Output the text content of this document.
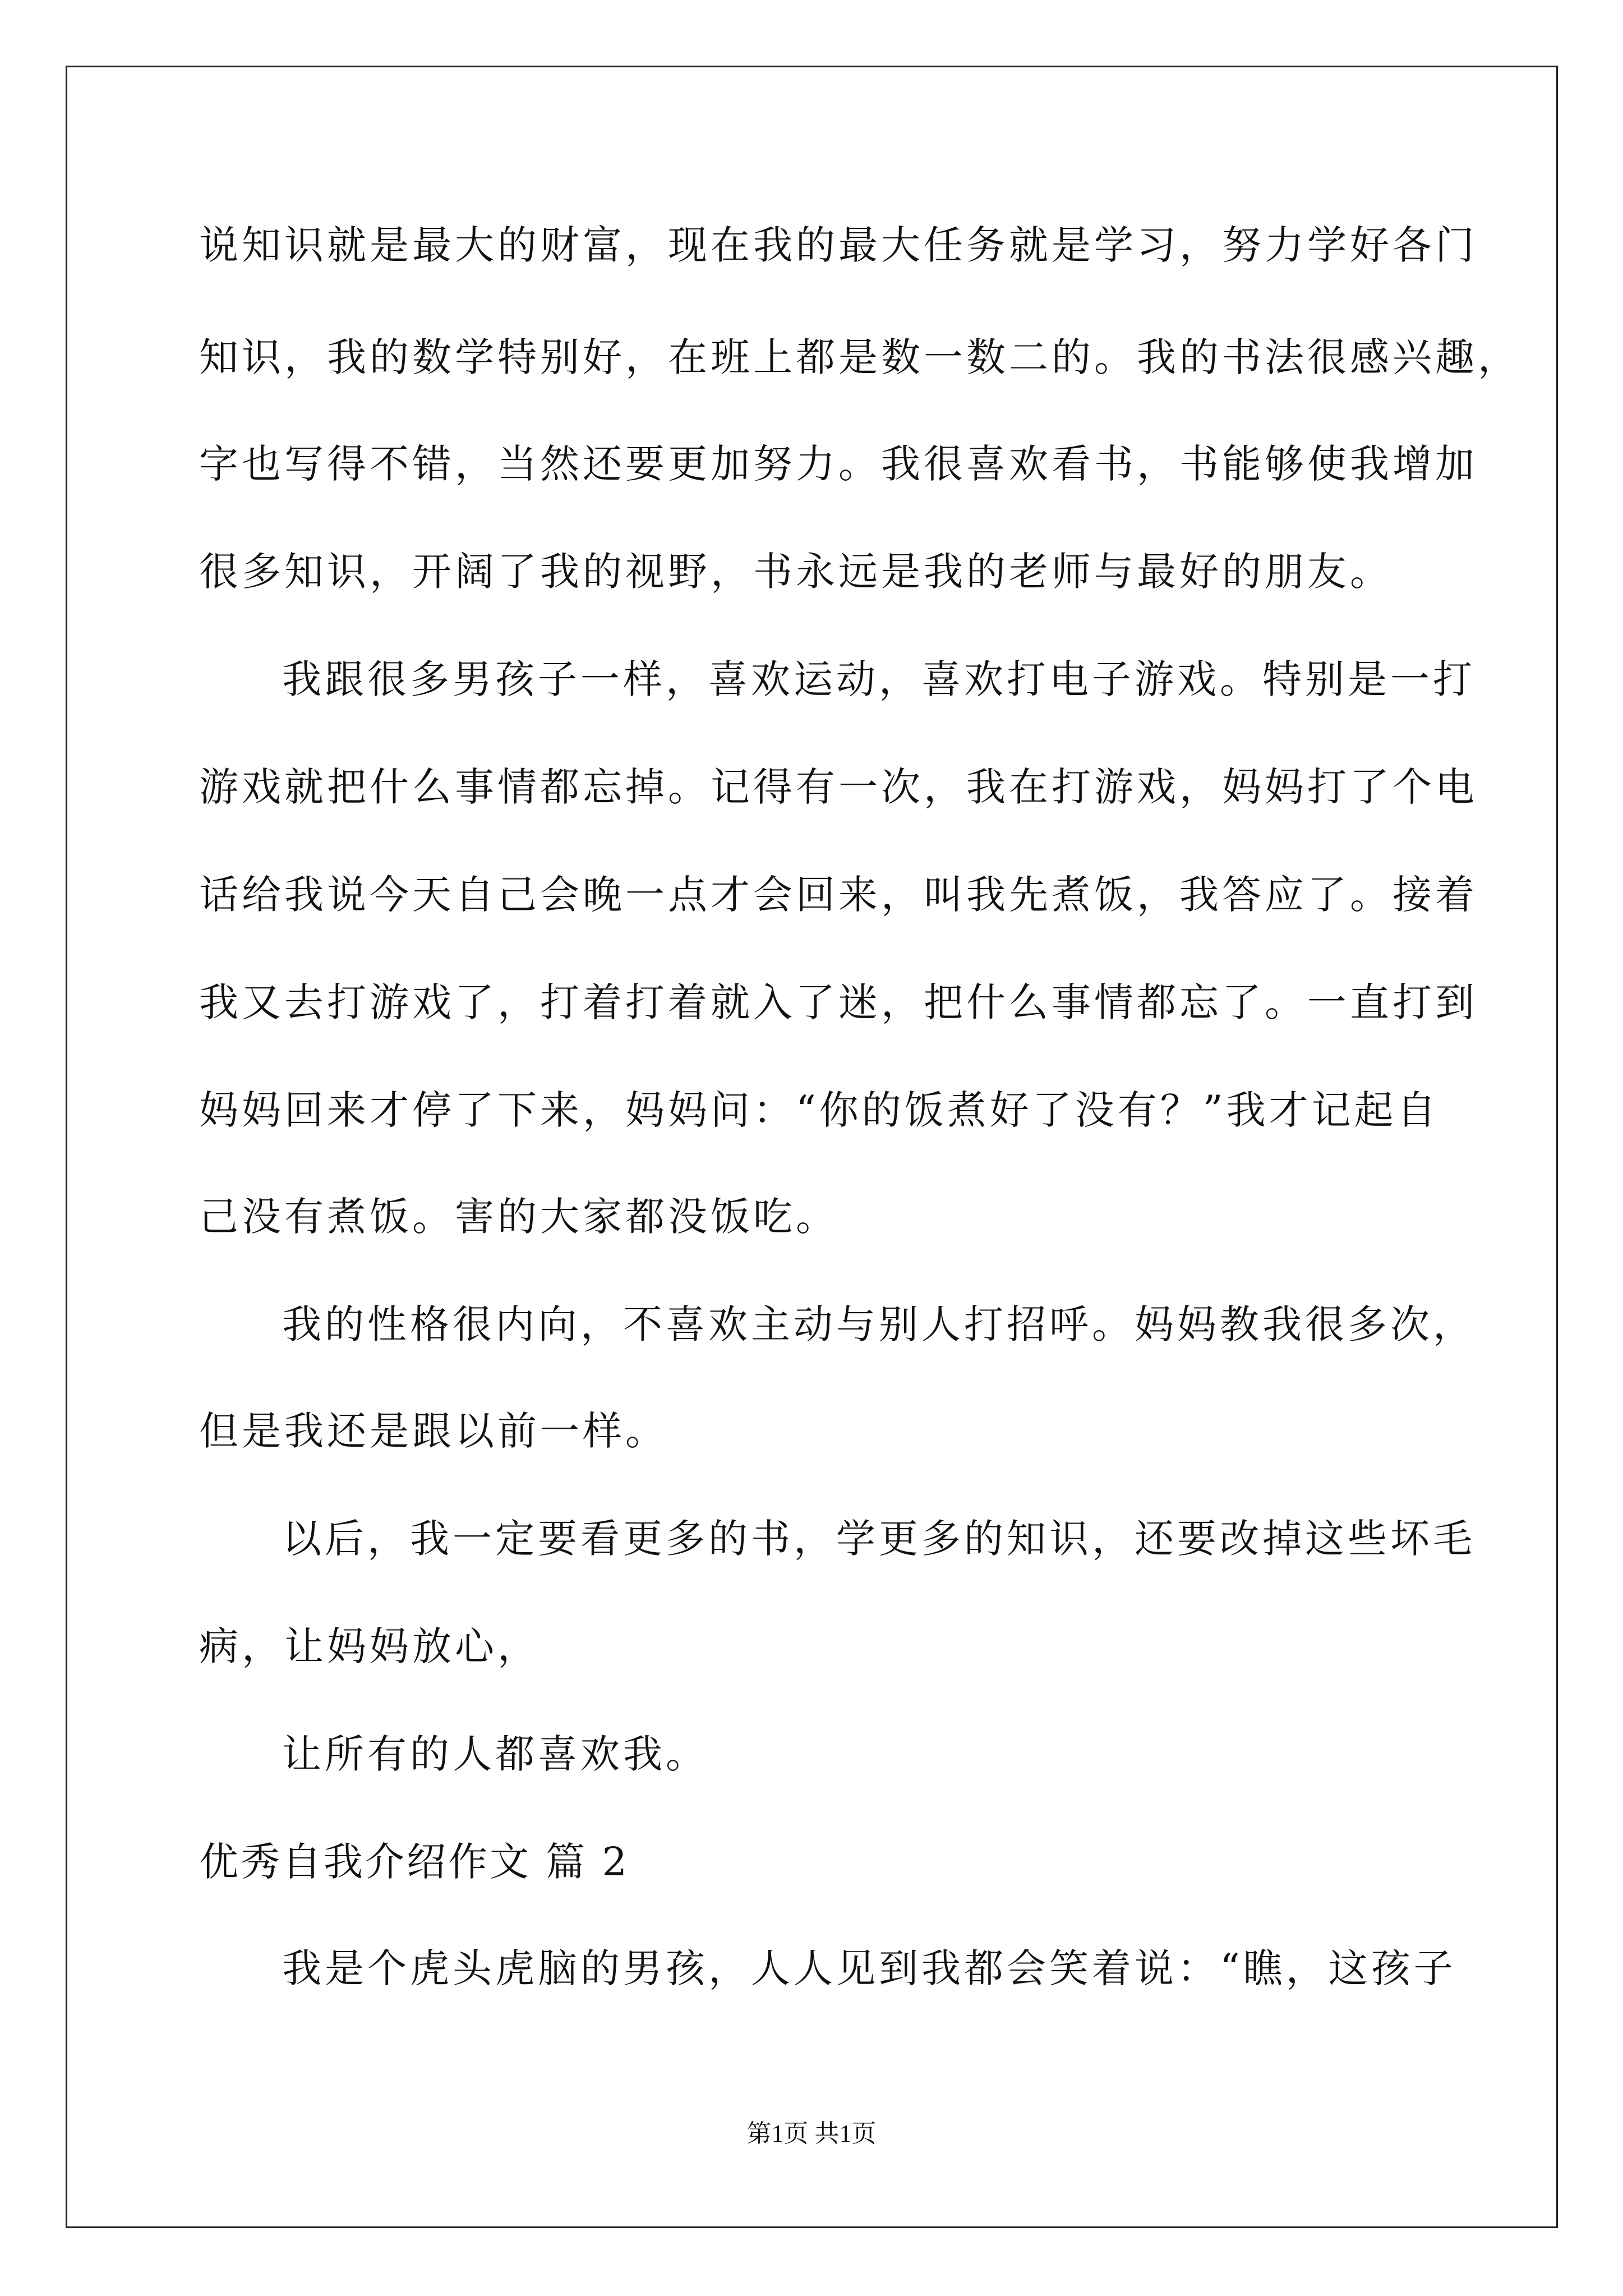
说知识就是最大的财富，现在我的最大任务就是学习，努力学好各门
知识，我的数学特别好，在班上都是数一数二的。我的书法很感兴趣，
字也写得不错，当然还要更加努力。我很喜欢看书，书能够使我增加
很多知识，开阔了我的视野，书永远是我的老师与最好的朋友。
我跟很多男孩子一样，喜欢运动，喜欢打电子游戏。特别是一打
游戏就把什么事情都忘掉。记得有一次，我在打游戏，妈妈打了个电
话给我说今天自己会晚一点才会回来，叫我先煮饭，我答应了。接着
我又去打游戏了，打着打着就入了迷，把什么事情都忘了。一直打到
妈妈回来才停了下来，妈妈问：“你的饭煮好了没有？”我才记起自
己没有煮饭。害的大家都没饭吃。
我的性格很内向，不喜欢主动与别人打招呼。妈妈教我很多次，
但是我还是跟以前一样。
以后，我一定要看更多的书，学更多的知识，还要改掉这些坏毛
病，让妈妈放心，
让所有的人都喜欢我。
优秀自我介绍作文 篇 2
我是个虎头虎脑的男孩，人人见到我都会笑着说：“瞧，这孩子
第1页 共1页
